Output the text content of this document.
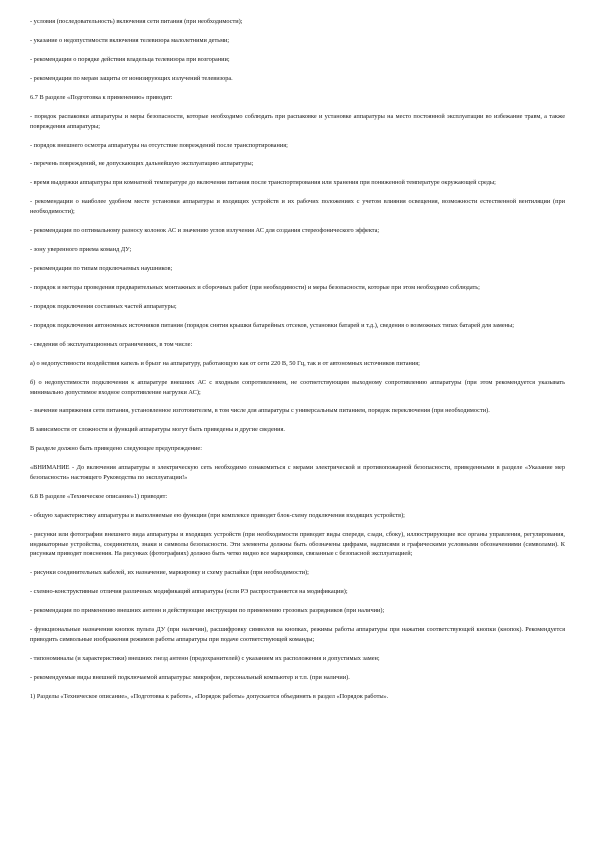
- условия (последовательность) включения сети питания (при необходимости);

- указание о недопустимости включения телевизора малолетними детьми;

- рекомендации о порядке действия владельца телевизора при возгорании;

- рекомендации по мерам защиты от ионизирующих излучений телевизора.

6.7 В разделе «Подготовка к применению» приводят:

- порядок распаковки аппаратуры и меры безопасности, которые необходимо соблюдать при распаковке и установке аппаратуры на место постоянной эксплуатации во избежание травм, а также повреждения аппаратуры;

- порядок внешнего осмотра аппаратуры на отсутствие повреждений после транспортирования;

- перечень повреждений, не допускающих дальнейшую эксплуатацию аппаратуры;

- время выдержки аппаратуры при комнатной температуре до включения питания после транспортирования или хранения при пониженной температуре окружающей среды;

- рекомендации о наиболее удобном месте установки аппаратуры и входящих устройств и их рабочих положениях с учетом влияния освещения, возможности естественной вентиляции (при необходимости);

- рекомендации по оптимальному разносу колонок АС и значению углов излучения АС для создания стереофонического эффекта;

- зону уверенного приема команд ДУ;

- рекомендации по типам подключаемых наушников;

- порядок и методы проведения предварительных монтажных и сборочных работ (при необходимости) и меры безопасности, которые при этом необходимо соблюдать;

- порядок подключения составных частей аппаратуры;

- порядок подключения автономных источников питания (порядок снятия крышки батарейных отсеков, установки батарей и т.д.), сведения о возможных типах батарей для замены;

- сведения об эксплуатационных ограничениях, в том числе:

а) о недопустимости воздействия капель и брызг на аппаратуру, работающую как от сети 220 В, 50 Гц, так и от автономных источников питания;

б) о недопустимости подключения к аппаратуре внешних АС с входным сопротивлением, не соответствующим выходному сопротивлению аппаратуры (при этом рекомендуется указывать минимально допустимое входное сопротивление нагрузки АС);

- значение напряжения сети питания, установленное изготовителем, в том числе для аппаратуры с универсальным питанием, порядок переключения (при необходимости).

В зависимости от сложности и функций аппаратуры могут быть приведены и другие сведения.

В разделе должно быть приведено следующее предупреждение:

«ВНИМАНИЕ - До включения аппаратуры в электрическую сеть необходимо ознакомиться с мерами электрической и противопожарной безопасности, приведенными в разделе «Указание мер безопасности» настоящего Руководства по эксплуатации!»

6.8 В разделе «Техническое описание»1) приводят:

- общую характеристику аппаратуры и выполняемые ею функции (при комплексе приводят блок-схему подключения входящих устройств);

- рисунки или фотографии внешнего вида аппаратуры и входящих устройств (при необходимости приводят виды спереди, сзади, сбоку), иллюстрирующие все органы управления, регулирования, индикаторные устройства, соединители, знаки и символы безопасности. Эти элементы должны быть обозначены цифрами, надписями и графическими условными обозначениями (символами). К рисункам приводят пояснения. На рисунках (фотографиях) должно быть четко видно все маркировки, связанные с безопасной эксплуатацией;

- рисунки соединительных кабелей, их назначение, маркировку и схему распайки (при необходимости);

- схемно-конструктивные отличия различных модификаций аппаратуры (если РЭ распространяется на модификации);

- рекомендации по применению внешних антенн и действующие инструкции по применению грозовых разрядников (при наличии);

- функциональные назначения кнопок пульта ДУ (при наличии), расшифровку символов на кнопках, режимы работы аппаратуры при нажатии соответствующей кнопки (кнопок). Рекомендуется приводить символьные изображения режимов работы аппаратуры при подаче соответствующей команды;

- типономиналы (и характеристики) внешних гнезд антенн (предохранителей) с указанием их расположения и допустимых замен;

- рекомендуемые виды внешней подключаемой аппаратуры: микрофон, персональный компьютер и т.п. (при наличии).

1) Разделы «Техническое описание», «Подготовка к работе», «Порядок работы» допускается объединять в раздел «Порядок работы».
